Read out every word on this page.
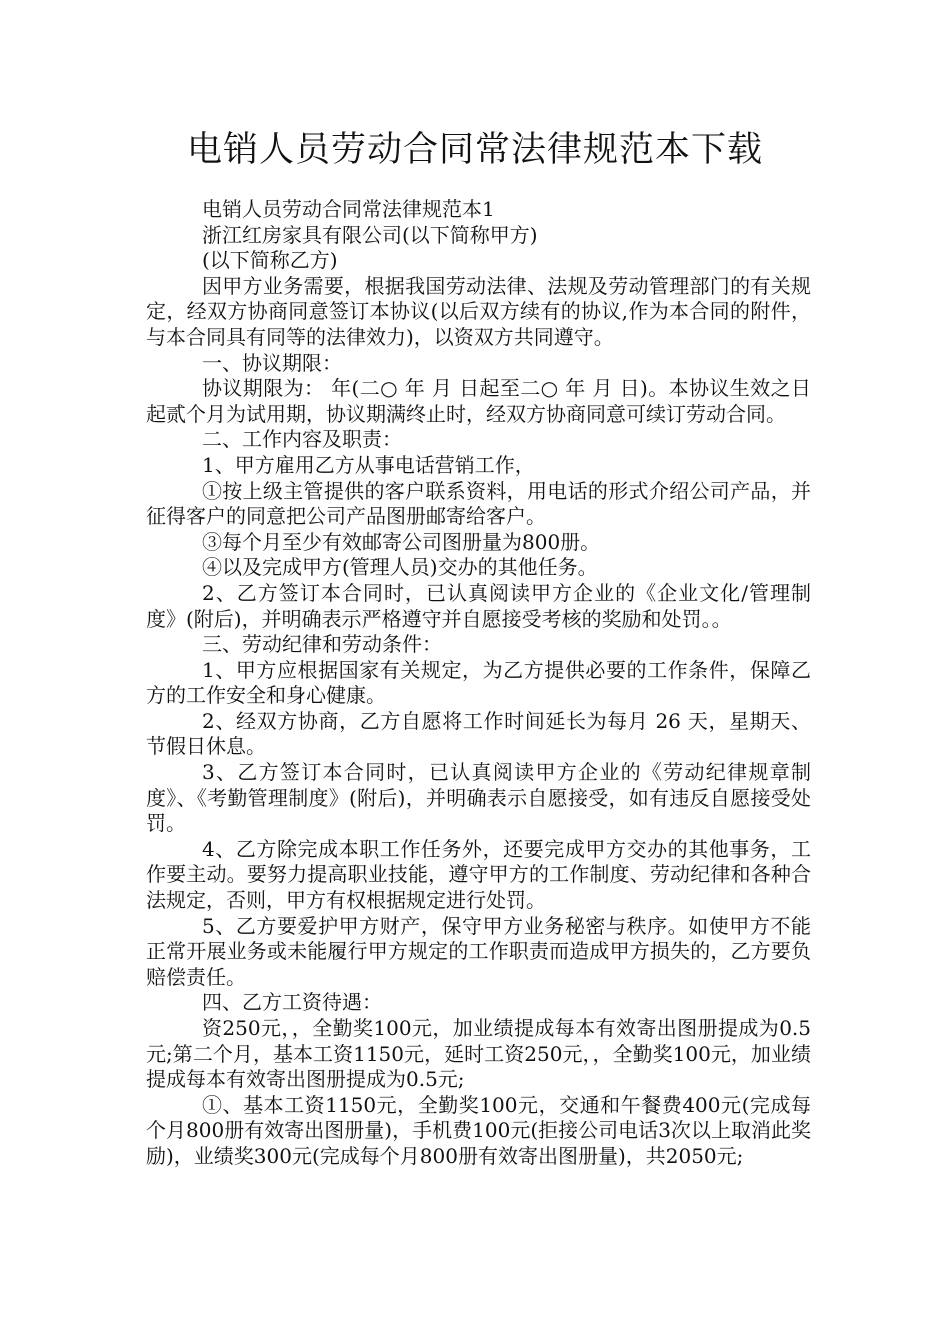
电销人员劳动合同常法律规范本下载

电销人员劳动合同常法律规范本1

浙江红房家具有限公司(以下简称甲方)

(以下简称乙方)

因甲方业务需要，根据我国劳动法律、法规及劳动管理部门的有关规定，经双方协商同意签订本协议(以后双方续有的协议,作为本合同的附件，与本合同具有同等的法律效力)，以资双方共同遵守。

一、协议期限：

协议期限为： 年(二○ 年 月 日起至二○ 年 月 日)。本协议生效之日起贰个月为试用期，协议期满终止时，经双方协商同意可续订劳动合同。

二、工作内容及职责：

1、甲方雇用乙方从事电话营销工作，

①按上级主管提供的客户联系资料，用电话的形式介绍公司产品，并征得客户的同意把公司产品图册邮寄给客户。

③每个月至少有效邮寄公司图册量为800册。

④以及完成甲方(管理人员)交办的其他任务。

2、乙方签订本合同时，已认真阅读甲方企业的《企业文化/管理制度》(附后)，并明确表示严格遵守并自愿接受考核的奖励和处罚。。

三、劳动纪律和劳动条件：

1、甲方应根据国家有关规定，为乙方提供必要的工作条件，保障乙方的工作安全和身心健康。

2、经双方协商，乙方自愿将工作时间延长为每月 26 天，星期天、节假日休息。

3、乙方签订本合同时，已认真阅读甲方企业的《劳动纪律规章制度》、《考勤管理制度》(附后)，并明确表示自愿接受，如有违反自愿接受处罚。

4、乙方除完成本职工作任务外，还要完成甲方交办的其他事务，工作要主动。要努力提高职业技能，遵守甲方的工作制度、劳动纪律和各种合法规定，否则，甲方有权根据规定进行处罚。

5、乙方要爱护甲方财产，保守甲方业务秘密与秩序。如使甲方不能正常开展业务或未能履行甲方规定的工作职责而造成甲方损失的，乙方要负赔偿责任。

四、乙方工资待遇：

资250元，，全勤奖100元，加业绩提成每本有效寄出图册提成为0.5元;第二个月，基本工资1150元，延时工资250元，，全勤奖100元，加业绩提成每本有效寄出图册提成为0.5元;

①、基本工资1150元，全勤奖100元，交通和午餐费400元(完成每个月800册有效寄出图册量)，手机费100元(拒接公司电话3次以上取消此奖励)，业绩奖300元(完成每个月800册有效寄出图册量)，共2050元;
